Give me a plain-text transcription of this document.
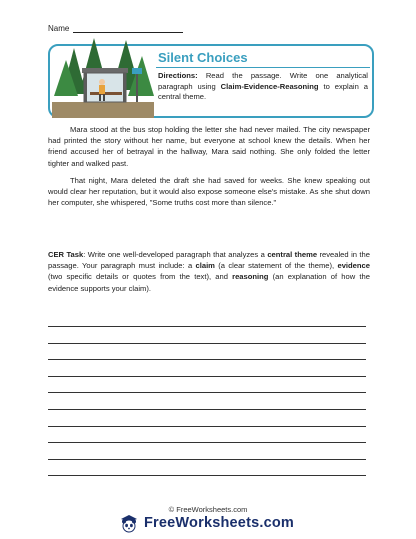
Name
Silent Choices
Directions: Read the passage. Write one analytical paragraph using Claim-Evidence-Reasoning to explain a central theme.

Mara stood at the bus stop holding the letter she had never mailed. The city newspaper had printed the story without her name, but everyone at school knew the details. When her friend accused her of betrayal in the hallway, Mara said nothing. She only folded the letter tighter and walked past.

That night, Mara deleted the draft she had saved for weeks. She knew speaking out would clear her reputation, but it would also expose someone else's mistake. As she shut down her computer, she whispered, "Some truths cost more than silence."

CER Task: Write one well-developed paragraph that analyzes a central theme revealed in the passage. Your paragraph must include: a claim (a clear statement of the theme), evidence (two specific details or quotes from the text), and reasoning (an explanation of how the evidence supports your claim).
© FreeWorksheets.com
FreeWorksheets.com
